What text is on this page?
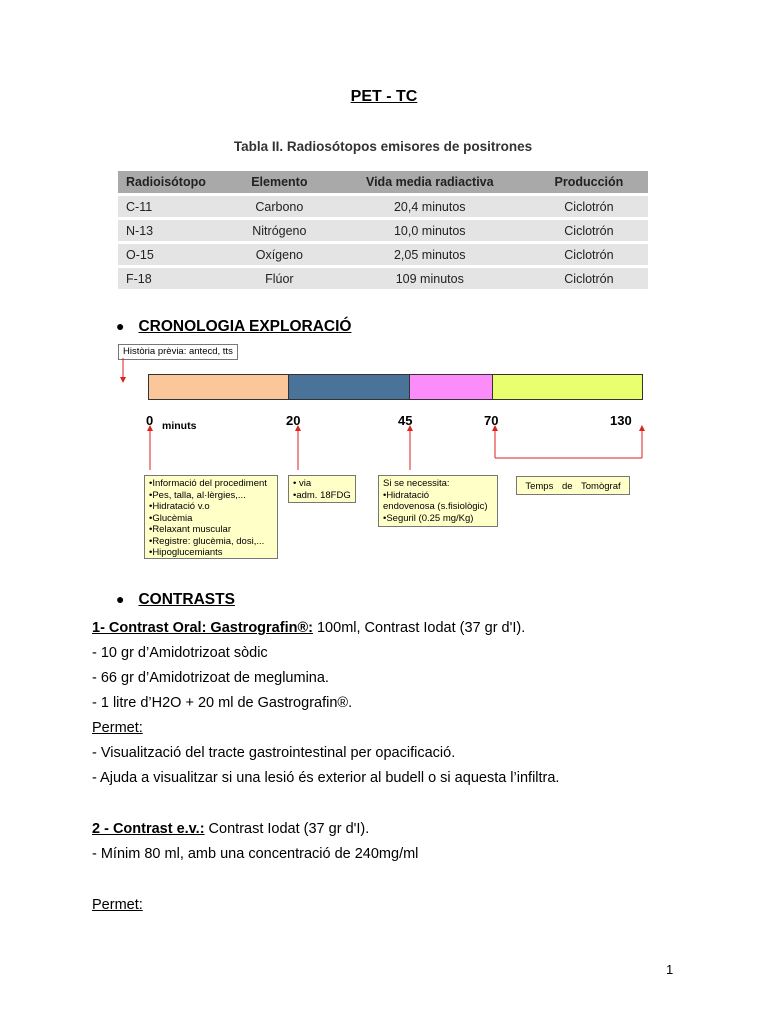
PET - TC
Tabla II. Radiosótopos emisores de positrones
Radioisótopo	Elemento	Vida media radiactiva	Producción
C-11	Carbono	20,4 minutos	Ciclotrón
N-13	Nitrógeno	10,0 minutos	Ciclotrón
O-15	Oxígeno	2,05 minutos	Ciclotrón
F-18	Flúor	109 minutos	Ciclotrón
● CRONOLOGIA EXPLORACIÓ
Història prèvia: antecd, tts
0 minuts	20	45	70	130
•Informació del procediment
•Pes, talla, al·lèrgies,...
•Hidratació v.o
•Glucèmia
•Relaxant muscular
•Registre: glucèmia, dosi,...
•Hipoglucemiants
• via
•adm. 18FDG
Si se necessita:
•Hidratació
endovenosa (s.fisiològic)
•Seguril (0.25 mg/Kg)
Temps de Tomògraf
● CONTRASTS
1- Contrast Oral: Gastrografin®: 100ml, Contrast Iodat (37 gr d'I).
- 10 gr d’Amidotrizoat sòdic
- 66 gr d’Amidotrizoat de meglumina.
- 1 litre d’H2O + 20 ml de Gastrografin®.
Permet:
- Visualització del tracte gastrointestinal per opacificació.
- Ajuda a visualitzar si una lesió és exterior al budell o si aquesta l’infiltra.
2 - Contrast e.v.: Contrast Iodat (37 gr d'I).
- Mínim 80 ml, amb una concentració de 240mg/ml
Permet:
1
